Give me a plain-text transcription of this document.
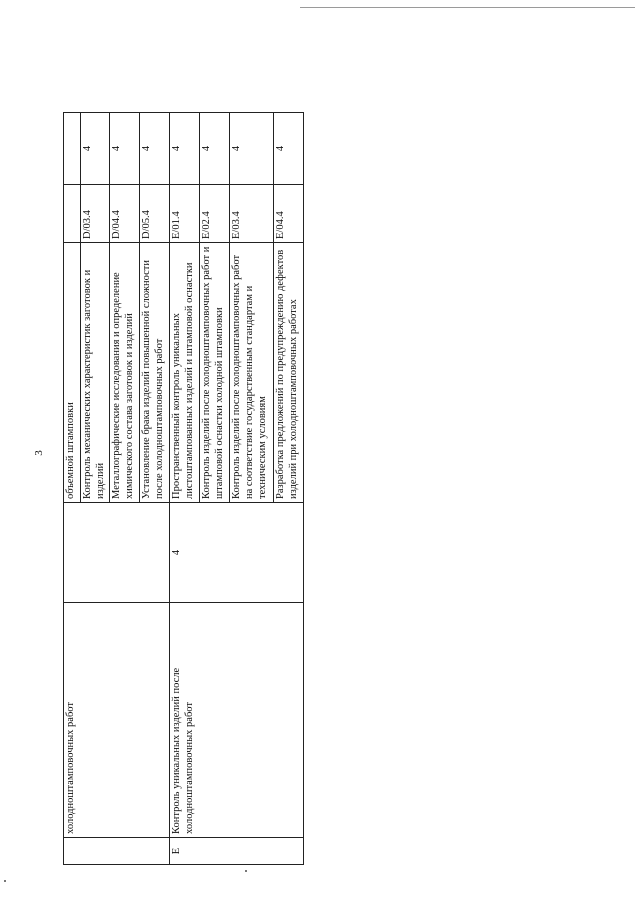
3
	холодноштамповочных работ		объемной штамповки		
			Контроль механических характеристик заготовок и изделий	D/03.4	4
			Металлографические исследования и определение химического состава заготовок и изделий	D/04.4	4
			Установление брака изделий повышенной сложности после холодноштамповочных работ	D/05.4	4
E	Контроль уникальных изделий после холодноштамповочных работ	4	Пространственный контроль уникальных листоштампованных изделий и штамповой оснастки	E/01.4	4
			Контроль изделий после холодноштамповочных работ и штамповой оснастки холодной штамповки	E/02.4	4
			Контроль изделий после холодноштамповочных работ на соответствие государственным стандартам и техническим условиям	E/03.4	4
			Разработка предложений по предупреждению дефектов изделий при холодноштамповочных работах	E/04.4	4
